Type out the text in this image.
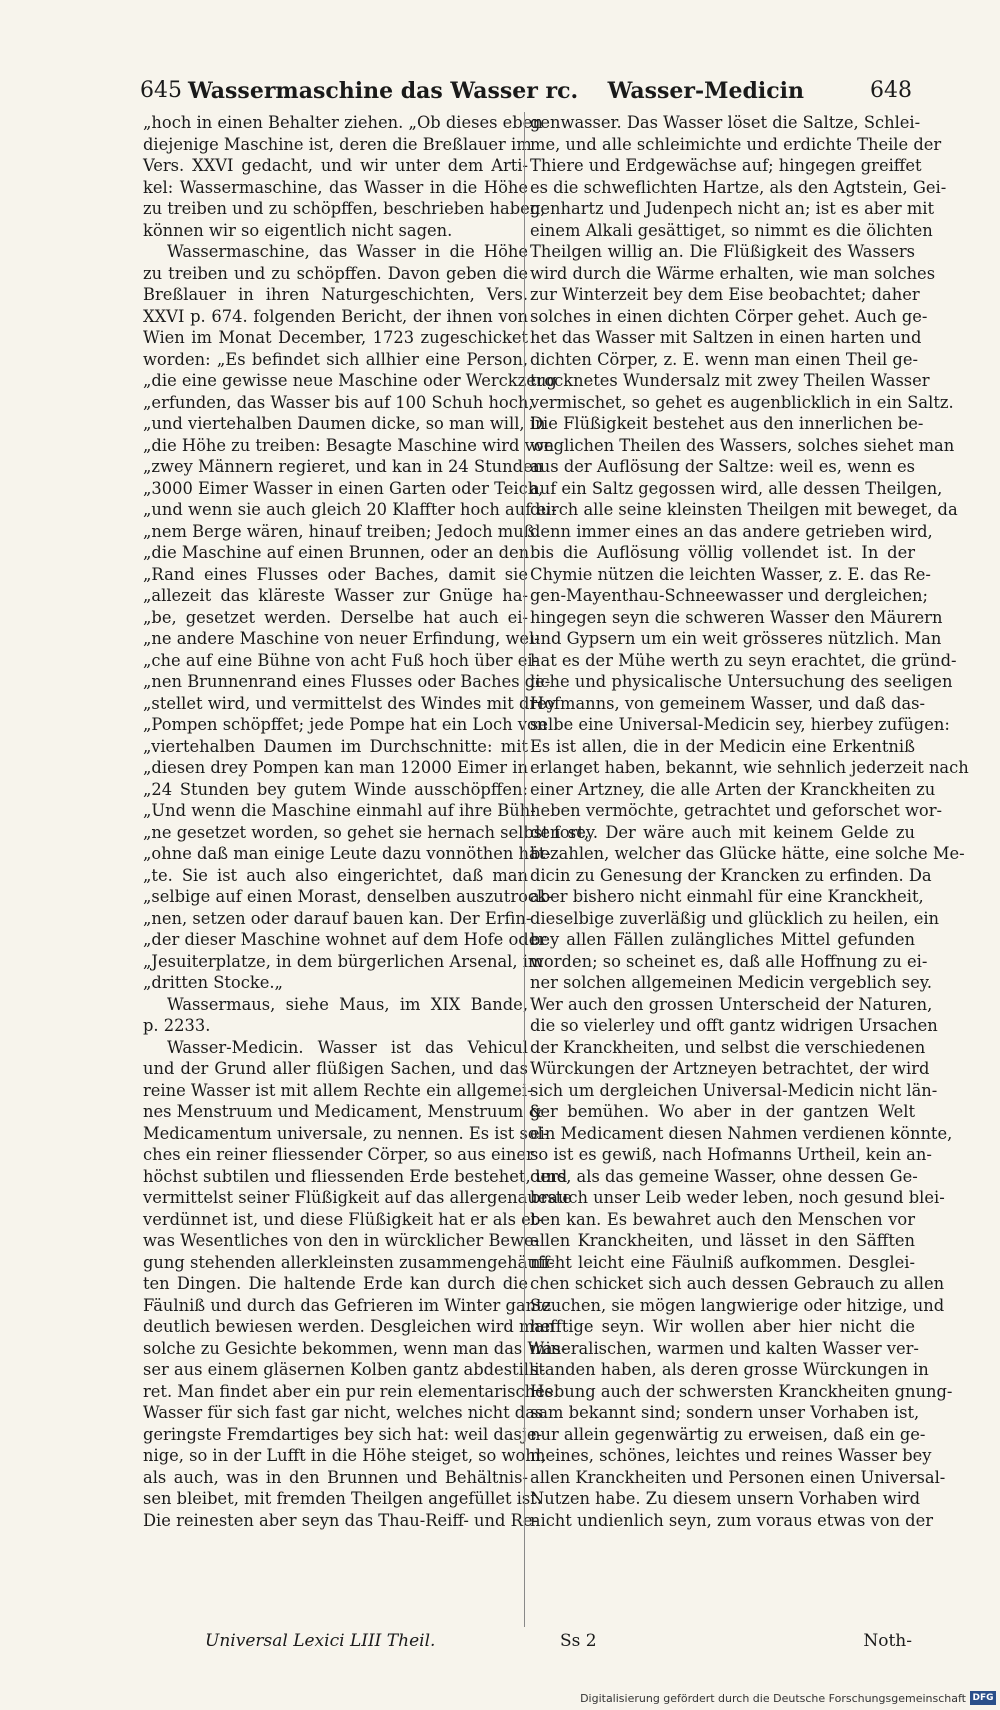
645 Wassermaschine das Wasser rc. Wasser-Medicin	648
„hoch in einen Behalter ziehen. „Ob dieses eben
diejenige Maschine ist, deren die Breßlauer im
Vers. XXVI gedacht, und wir unter dem Arti-
kel: Wassermaschine, das Wasser in die Höhe
zu treiben und zu schöpffen, beschrieben haben,
können wir so eigentlich nicht sagen.
Wassermaschine, das Wasser in die Höhe
zu treiben und zu schöpffen. Davon geben die
Breßlauer in ihren Naturgeschichten, Vers.
XXVI p. 674. folgenden Bericht, der ihnen von
Wien im Monat December, 1723 zugeschicket
worden: „Es befindet sich allhier eine Person,
„die eine gewisse neue Maschine oder Werckzeug
„erfunden, das Wasser bis auf 100 Schuh hoch,
„und viertehalben Daumen dicke, so man will, in
„die Höhe zu treiben: Besagte Maschine wird von
„zwey Männern regieret, und kan in 24 Stunden
„3000 Eimer Wasser in einen Garten oder Teich,
„und wenn sie auch gleich 20 Klaffter hoch auf ei-
„nem Berge wären, hinauf treiben; Jedoch muß
„die Maschine auf einen Brunnen, oder an den
„Rand eines Flusses oder Baches, damit sie
„allezeit das kläreste Wasser zur Gnüge ha-
„be, gesetzet werden. Derselbe hat auch ei-
„ne andere Maschine von neuer Erfindung, wel-
„che auf eine Bühne von acht Fuß hoch über ei-
„nen Brunnenrand eines Flusses oder Baches ge-
„stellet wird, und vermittelst des Windes mit drey
„Pompen schöpffet; jede Pompe hat ein Loch von
„viertehalben Daumen im Durchschnitte: mit
„diesen drey Pompen kan man 12000 Eimer in
„24 Stunden bey gutem Winde ausschöpffen:
„Und wenn die Maschine einmahl auf ihre Büh-
„ne gesetzet worden, so gehet sie hernach selbst fort,
„ohne daß man einige Leute dazu vonnöthen hät-
„te. Sie ist auch also eingerichtet, daß man
„selbige auf einen Morast, denselben auszutrock-
„nen, setzen oder darauf bauen kan. Der Erfin-
„der dieser Maschine wohnet auf dem Hofe oder
„Jesuiterplatze, in dem bürgerlichen Arsenal, im
„dritten Stocke.„
Wassermaus, siehe Maus, im XIX Bande,
p. 2233.
Wasser-Medicin. Wasser ist das Vehicul
und der Grund aller flüßigen Sachen, und das
reine Wasser ist mit allem Rechte ein allgemei-
nes Menstruum und Medicament, Menstruum &
Medicamentum universale, zu nennen. Es ist sol-
ches ein reiner fliessender Cörper, so aus einer
höchst subtilen und fliessenden Erde bestehet, und
vermittelst seiner Flüßigkeit auf das allergenaueste
verdünnet ist, und diese Flüßigkeit hat er als et-
was Wesentliches von den in würcklicher Bewe-
gung stehenden allerkleinsten zusammengehäuff-
ten Dingen. Die haltende Erde kan durch die
Fäulniß und durch das Gefrieren im Winter gantz
deutlich bewiesen werden. Desgleichen wird man
solche zu Gesichte bekommen, wenn man das Was-
ser aus einem gläsernen Kolben gantz abdestilli-
ret. Man findet aber ein pur rein elementarisches
Wasser für sich fast gar nicht, welches nicht das
geringste Fremdartiges bey sich hat: weil dasje-
nige, so in der Lufft in die Höhe steiget, so wohl,
als auch, was in den Brunnen und Behältnis-
sen bleibet, mit fremden Theilgen angefüllet ist.
Die reinesten aber seyn das Thau-Reiff- und Re-
genwasser. Das Wasser löset die Saltze, Schlei-
me, und alle schleimichte und erdichte Theile der
Thiere und Erdgewächse auf; hingegen greiffet
es die schweflichten Hartze, als den Agtstein, Gei-
genhartz und Judenpech nicht an; ist es aber mit
einem Alkali gesättiget, so nimmt es die ölichten
Theilgen willig an. Die Flüßigkeit des Wassers
wird durch die Wärme erhalten, wie man solches
zur Winterzeit bey dem Eise beobachtet; daher
solches in einen dichten Cörper gehet. Auch ge-
het das Wasser mit Saltzen in einen harten und
dichten Cörper, z. E. wenn man einen Theil ge-
trocknetes Wundersalz mit zwey Theilen Wasser
vermischet, so gehet es augenblicklich in ein Saltz.
Die Flüßigkeit bestehet aus den innerlichen be-
weglichen Theilen des Wassers, solches siehet man
aus der Auflösung der Saltze: weil es, wenn es
auf ein Saltz gegossen wird, alle dessen Theilgen,
durch alle seine kleinsten Theilgen mit beweget, da
denn immer eines an das andere getrieben wird,
bis die Auflösung völlig vollendet ist. In der
Chymie nützen die leichten Wasser, z. E. das Re-
gen-Mayenthau-Schneewasser und dergleichen;
hingegen seyn die schweren Wasser den Mäurern
und Gypsern um ein weit grösseres nützlich. Man
hat es der Mühe werth zu seyn erachtet, die gründ-
liche und physicalische Untersuchung des seeligen
Hofmanns, von gemeinem Wasser, und daß das-
selbe eine Universal-Medicin sey, hierbey zufügen:
Es ist allen, die in der Medicin eine Erkentniß
erlanget haben, bekannt, wie sehnlich jederzeit nach
einer Artzney, die alle Arten der Kranckheiten zu
heben vermöchte, getrachtet und geforschet wor-
den sey. Der wäre auch mit keinem Gelde zu
bezahlen, welcher das Glücke hätte, eine solche Me-
dicin zu Genesung der Krancken zu erfinden. Da
aber bishero nicht einmahl für eine Kranckheit,
dieselbige zuverläßig und glücklich zu heilen, ein
bey allen Fällen zulängliches Mittel gefunden
worden; so scheinet es, daß alle Hoffnung zu ei-
ner solchen allgemeinen Medicin vergeblich sey.
Wer auch den grossen Unterscheid der Naturen,
die so vielerley und offt gantz widrigen Ursachen
der Kranckheiten, und selbst die verschiedenen
Würckungen der Artzneyen betrachtet, der wird
sich um dergleichen Universal-Medicin nicht län-
ger bemühen. Wo aber in der gantzen Welt
ein Medicament diesen Nahmen verdienen könnte,
so ist es gewiß, nach Hofmanns Urtheil, kein an-
ders, als das gemeine Wasser, ohne dessen Ge-
brauch unser Leib weder leben, noch gesund blei-
ben kan. Es bewahret auch den Menschen vor
allen Kranckheiten, und lässet in den Säfften
nicht leicht eine Fäulniß aufkommen. Desglei-
chen schicket sich auch dessen Gebrauch zu allen
Seuchen, sie mögen langwierige oder hitzige, und
hefftige seyn. Wir wollen aber hier nicht die
mineralischen, warmen und kalten Wasser ver-
standen haben, als deren grosse Würckungen in
Hebung auch der schwersten Kranckheiten gnung-
sam bekannt sind; sondern unser Vorhaben ist,
nur allein gegenwärtig zu erweisen, daß ein ge-
meines, schönes, leichtes und reines Wasser bey
allen Kranckheiten und Personen einen Universal-
Nutzen habe. Zu diesem unsern Vorhaben wird
nicht undienlich seyn, zum voraus etwas von der
Universal Lexici LIII Theil.	Ss 2	Noth-
Digitalisierung gefördert durch die Deutsche Forschungsgemeinschaft DFG
